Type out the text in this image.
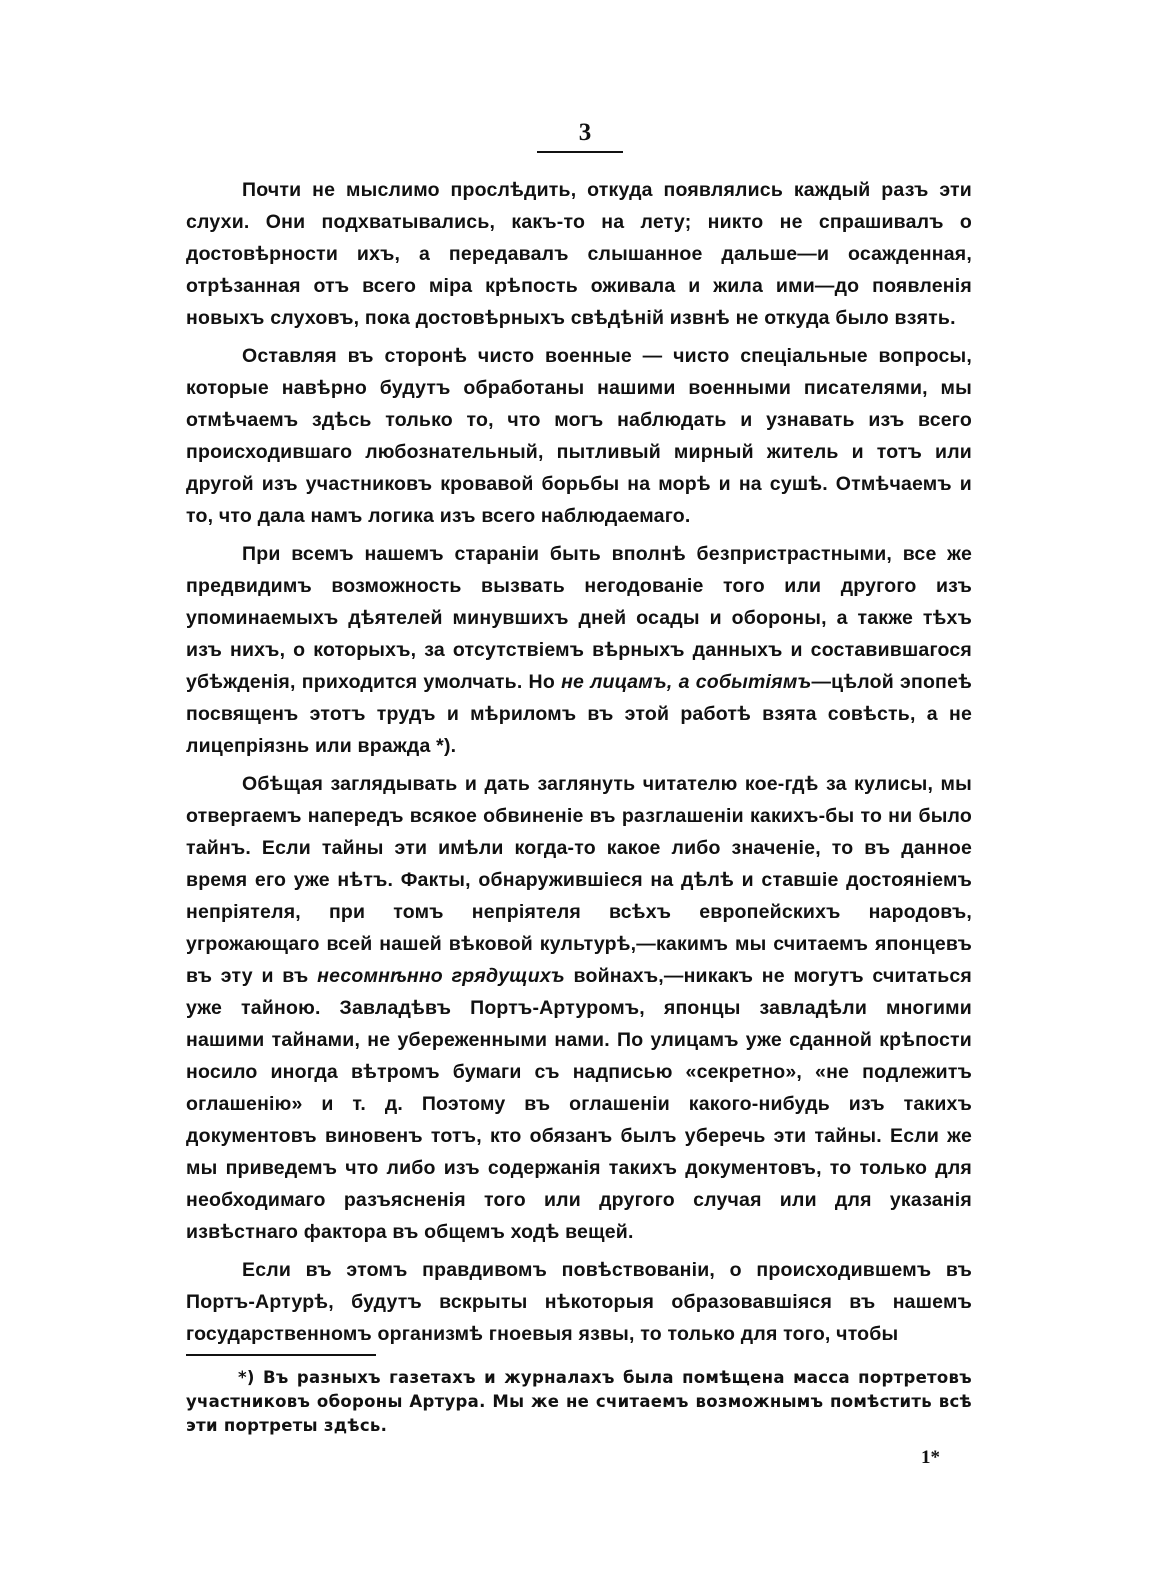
3

Почти не мыслимо прослѣдить, откуда появлялись каждый разъ эти слухи. Они подхватывались, какъ-то на лету; никто не спрашивалъ о достовѣрности ихъ, а передавалъ слышанное дальше—и осажденная, отрѣзанная отъ всего міра крѣпость оживала и жила ими—до появленія новыхъ слуховъ, пока достовѣрныхъ свѣдѣній извнѣ не откуда было взять.

Оставляя въ сторонѣ чисто военные — чисто спеціальные вопросы, которые навѣрно будутъ обработаны нашими военными писателями, мы отмѣчаемъ здѣсь только то, что могъ наблюдать и узнавать изъ всего происходившаго любознательный, пытливый мирный житель и тотъ или другой изъ участниковъ кровавой борьбы на морѣ и на сушѣ. Отмѣчаемъ и то, что дала намъ логика изъ всего наблюдаемаго.

При всемъ нашемъ стараніи быть вполнѣ безпристрастными, все же предвидимъ возможность вызвать негодованіе того или другого изъ упоминаемыхъ дѣятелей минувшихъ дней осады и обороны, а также тѣхъ изъ нихъ, о которыхъ, за отсутствіемъ вѣрныхъ данныхъ и составившагося убѣжденія, приходится умолчать. Но не лицамъ, а событіямъ—цѣлой эпопеѣ посвященъ этотъ трудъ и мѣриломъ въ этой работѣ взята совѣсть, а не лицепріязнь или вражда *).

Обѣщая заглядывать и дать заглянуть читателю кое-гдѣ за кулисы, мы отвергаемъ напередъ всякое обвиненіе въ разглашеніи какихъ-бы то ни было тайнъ. Если тайны эти имѣли когда-то какое либо значеніе, то въ данное время его уже нѣтъ. Факты, обнаружившіеся на дѣлѣ и ставшіе достояніемъ непріятеля, при томъ непріятеля всѣхъ европейскихъ народовъ, угрожающаго всей нашей вѣковой культурѣ,—какимъ мы считаемъ японцевъ въ эту и въ несомнѣнно грядущихъ войнахъ,—никакъ не могутъ считаться уже тайною. Завладѣвъ Портъ-Артуромъ, японцы завладѣли многими нашими тайнами, не убереженными нами. По улицамъ уже сданной крѣпости носило иногда вѣтромъ бумаги съ надписью «секретно», «не подлежитъ оглашенію» и т. д. Поэтому въ оглашеніи какого-нибудь изъ такихъ документовъ виновенъ тотъ, кто обязанъ былъ уберечь эти тайны. Если же мы приведемъ что либо изъ содержанія такихъ документовъ, то только для необходимаго разъясненія того или другого случая или для указанія извѣстнаго фактора въ общемъ ходѣ вещей.

Если въ этомъ правдивомъ повѣствованіи, о происходившемъ въ Портъ-Артурѣ, будутъ вскрыты нѣкоторыя образовавшіяся въ нашемъ государственномъ организмѣ гноевыя язвы, то только для того, чтобы

*) Въ разныхъ газетахъ и журналахъ была помѣщена масса портретовъ участниковъ обороны Артура. Мы же не считаемъ возможнымъ помѣстить всѣ эти портреты здѣсь.

1*
